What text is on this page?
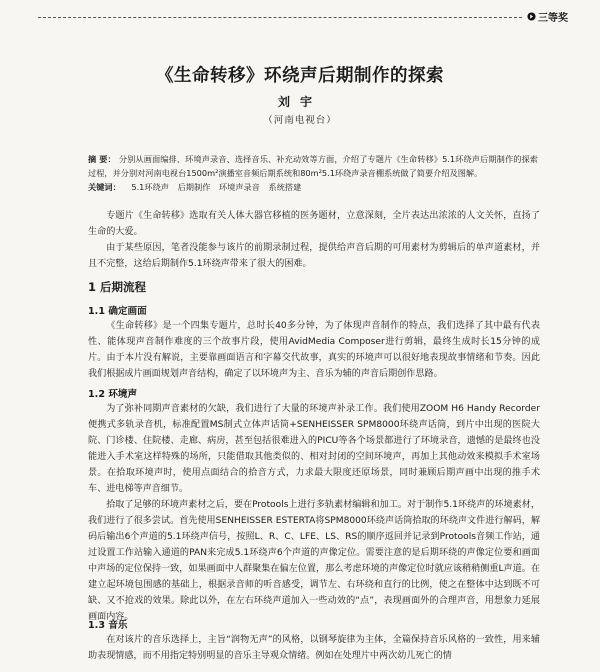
三等奖
《生命转移》环绕声后期制作的探索
刘宇
（河南电视台）
摘 要： 分别从画面编排、环境声录音、选择音乐、补充动效等方面，介绍了专题片《生命转移》5.1环绕声后期制作的探索过程，并分别对河南电视台1500m²演播室音频后期系统和80m²5.1环绕声录音棚系统做了简要介绍及图解。
关键词： 5.1环绕声 后期制作 环境声录音 系统搭建

专题片《生命转移》选取有关人体大器官移植的医务题材，立意深刻，全片表达出浓浓的人文关怀，直扬了生命的大爱。

由于某些原因，笔者没能参与该片的前期录制过程，提供给声音后期的可用素材为剪辑后的单声道素材，并且不完整，这给后期制作5.1环绕声带来了很大的困难。

1 后期流程
1.1 确定画面

《生命转移》是一个四集专题片，总时长40多分钟，为了体现声音制作的特点，我们选择了其中最有代表性、能体现声音制作难度的三个故事片段，使用AvidMedia Composer进行剪辑，最终生成时长15分钟的成片。由于本片没有解说，主要靠画面语言和字幕交代故事，真实的环境声可以很好地表现故事情绪和节奏。因此我们根据成片画面规划声音结构，确定了以环境声为主、音乐为辅的声音后期创作思路。

1.2 环境声

为了弥补同期声音素材的欠缺，我们进行了大量的环境声补录工作。我们使用ZOOM H6 Handy Recorder便携式多轨录音机，标准配置MS制式立体声话筒+SENHEISSER SPM8000环绕声话筒，到片中出现的医院大院、门诊楼、住院楼、走廊、病房，甚至包括很难进入的PICU等各个场景都进行了环境录音，遗憾的是最终也没能进入手术室这样特殊的场所，只能借取其他类似的、相对封闭的空间环境声，再加上其他动效来模拟手术室场景。在拾取环境声时，使用点面结合的拾音方式，力求最大限度还原场景，同时兼顾后期声画中出现的推手术车、进电梯等声音细节。

拾取了足够的环境声素材之后，要在Protools上进行多轨素材编辑和加工。对于制作5.1环绕声的环境素材，我们进行了很多尝试。首先使用SENHEISSER ESTERTA将SPM8000环绕声话筒拾取的环绕声文件进行解码，解码后输出6个声道的5.1环绕声信号，按照L、R、C、LFE、LS、RS的顺序返回并记录到Protools音频工作站，通过设置工作站输入通道的PAN来完成5.1环绕声6个声道的声像定位。需要注意的是后期环绕的声像定位要和画面中声场的定位保持一致，如果画面中人群聚集在偏左位置，那么考虑环境的声像定位时就应该稍稍侧重L声道。在建立起环境包围感的基础上，根据录音师的听音感受，调节左、右环绕和直行的比例，使之在整体中达到既不可缺、又不抢戏的效果。除此以外，在左右环绕声道加入一些动效的“点”，表现画面外的合理声音，用想象力延展画面内容。

1.3 音乐

在对该片的音乐选择上，主旨“润物无声”的风格，以钢琴旋律为主体，全篇保持音乐风格的一致性，用来辅助表现情感，而不用指定特别明显的音乐主导观众情绪。例如在处理片中两次幼儿死亡的情
